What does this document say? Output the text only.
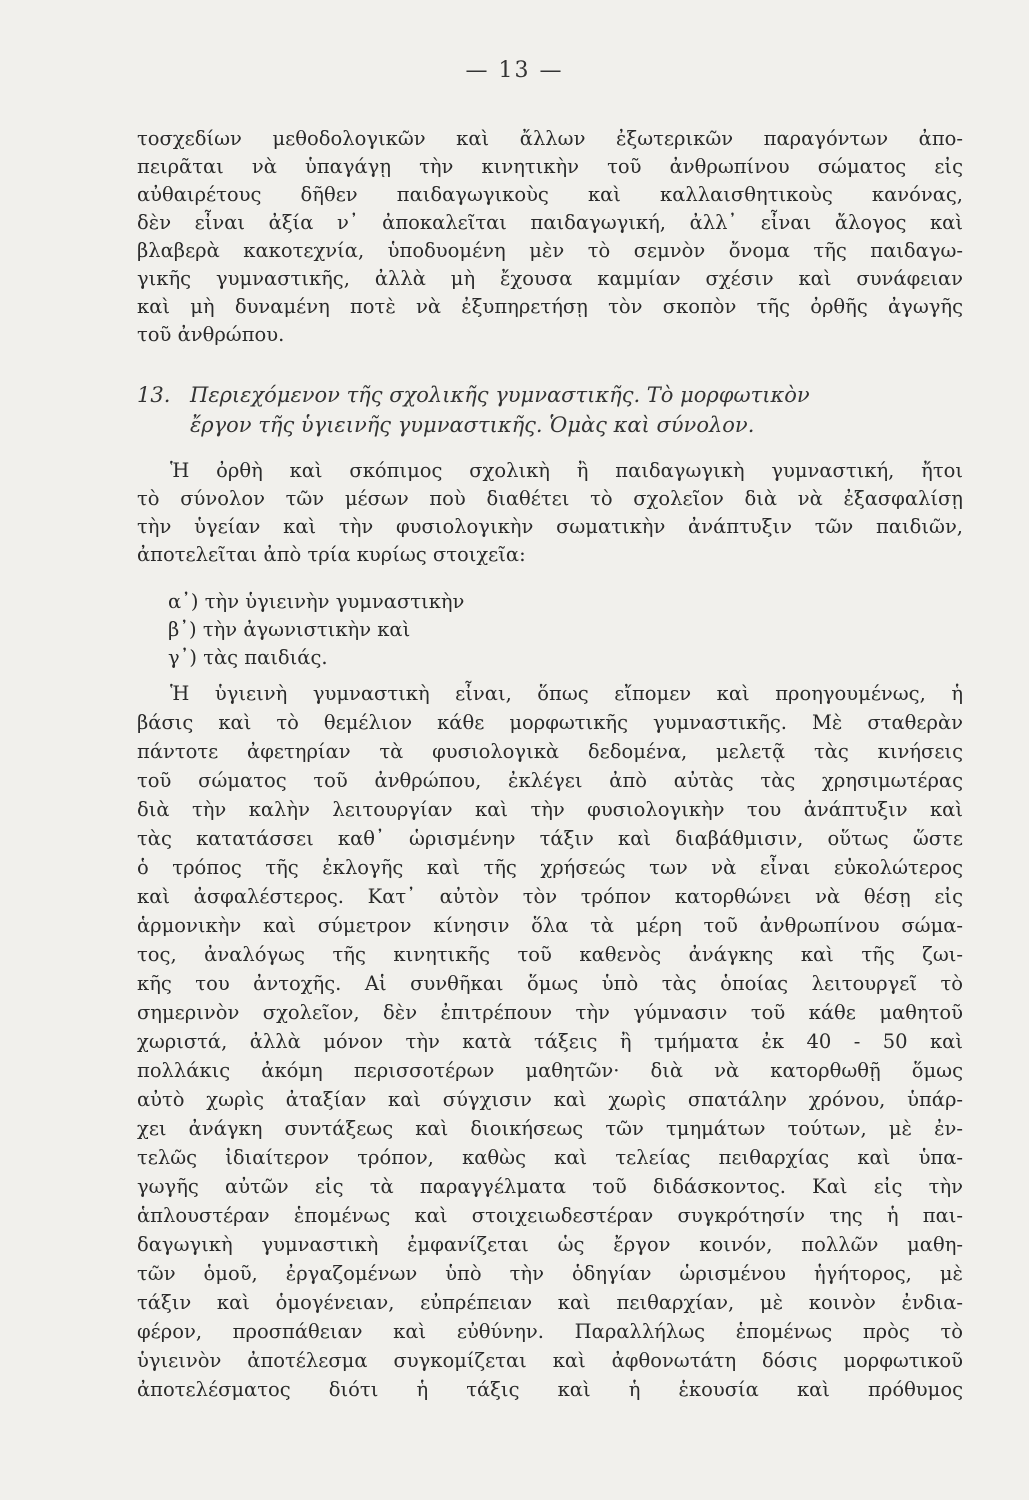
— 13 —
τοσχεδίων μεθοδολογικῶν καὶ ἄλλων ἐξωτερικῶν παραγόντων ἀπο-
πειρᾶται νὰ ὑπαγάγῃ τὴν κινητικὴν τοῦ ἀνθρωπίνου σώματος εἰς
αὐθαιρέτους δῆθεν παιδαγωγικοὺς καὶ καλλαισθητικοὺς κανόνας,
δὲν εἶναι ἀξία ν᾽ ἀποκαλεῖται παιδαγωγική, ἀλλ᾽ εἶναι ἄλογος καὶ
βλαβερὰ κακοτεχνία, ὑποδυομένη μὲν τὸ σεμνὸν ὄνομα τῆς παιδαγω-
γικῆς γυμναστικῆς, ἀλλὰ μὴ ἔχουσα καμμίαν σχέσιν καὶ συνάφειαν
καὶ μὴ δυναμένη ποτὲ νὰ ἐξυπηρετήσῃ τὸν σκοπὸν τῆς ὀρθῆς ἀγωγῆς
τοῦ ἀνθρώπου.
13. Περιεχόμενον τῆς σχολικῆς γυμναστικῆς. Τὸ μορφωτικὸν
ἔργον τῆς ὑγιεινῆς γυμναστικῆς. Ὁμὰς καὶ σύνολον.
Ἡ ὀρθὴ καὶ σκόπιμος σχολικὴ ἢ παιδαγωγικὴ γυμναστική, ἤτοι
τὸ σύνολον τῶν μέσων ποὺ διαθέτει τὸ σχολεῖον διὰ νὰ ἐξασφαλίσῃ
τὴν ὑγείαν καὶ τὴν φυσιολογικὴν σωματικὴν ἀνάπτυξιν τῶν παιδιῶν,
ἀποτελεῖται ἀπὸ τρία κυρίως στοιχεῖα:
α᾽) τὴν ὑγιεινὴν γυμναστικὴν
β᾽) τὴν ἀγωνιστικὴν καὶ
γ᾽) τὰς παιδιάς.
Ἡ ὑγιεινὴ γυμναστικὴ εἶναι, ὅπως εἴπομεν καὶ προηγουμένως, ἡ
βάσις καὶ τὸ θεμέλιον κάθε μορφωτικῆς γυμναστικῆς. Μὲ σταθερὰν
πάντοτε ἀφετηρίαν τὰ φυσιολογικὰ δεδομένα, μελετᾷ τὰς κινήσεις
τοῦ σώματος τοῦ ἀνθρώπου, ἐκλέγει ἀπὸ αὐτὰς τὰς χρησιμωτέρας
διὰ τὴν καλὴν λειτουργίαν καὶ τὴν φυσιολογικὴν του ἀνάπτυξιν καὶ
τὰς κατατάσσει καθ᾽ ὡρισμένην τάξιν καὶ διαβάθμισιν, οὕτως ὥστε
ὁ τρόπος τῆς ἐκλογῆς καὶ τῆς χρήσεώς των νὰ εἶναι εὐκολώτερος
καὶ ἀσφαλέστερος. Κατ᾽ αὐτὸν τὸν τρόπον κατορθώνει νὰ θέσῃ εἰς
ἁρμονικὴν καὶ σύμετρον κίνησιν ὅλα τὰ μέρη τοῦ ἀνθρωπίνου σώμα-
τος, ἀναλόγως τῆς κινητικῆς τοῦ καθενὸς ἀνάγκης καὶ τῆς ζωι-
κῆς του ἀντοχῆς. Αἱ συνθῆκαι ὅμως ὑπὸ τὰς ὁποίας λειτουργεῖ τὸ
σημερινὸν σχολεῖον, δὲν ἐπιτρέπουν τὴν γύμνασιν τοῦ κάθε μαθητοῦ
χωριστά, ἀλλὰ μόνον τὴν κατὰ τάξεις ἢ τμήματα ἐκ 40 - 50 καὶ
πολλάκις ἀκόμη περισσοτέρων μαθητῶν· διὰ νὰ κατορθωθῇ ὅμως
αὐτὸ χωρὶς ἀταξίαν καὶ σύγχισιν καὶ χωρὶς σπατάλην χρόνου, ὑπάρ-
χει ἀνάγκη συντάξεως καὶ διοικήσεως τῶν τμημάτων τούτων, μὲ ἐν-
τελῶς ἰδιαίτερον τρόπον, καθὼς καὶ τελείας πειθαρχίας καὶ ὑπα-
γωγῆς αὐτῶν εἰς τὰ παραγγέλματα τοῦ διδάσκοντος. Καὶ εἰς τὴν
ἁπλουστέραν ἑπομένως καὶ στοιχειωδεστέραν συγκρότησίν της ἡ παι-
δαγωγικὴ γυμναστικὴ ἐμφανίζεται ὡς ἔργον κοινόν, πολλῶν μαθη-
τῶν ὁμοῦ, ἐργαζομένων ὑπὸ τὴν ὁδηγίαν ὡρισμένου ἡγήτορος, μὲ
τάξιν καὶ ὁμογένειαν, εὐπρέπειαν καὶ πειθαρχίαν, μὲ κοινὸν ἐνδια-
φέρον, προσπάθειαν καὶ εὐθύνην. Παραλλήλως ἑπομένως πρὸς τὸ
ὑγιεινὸν ἀποτέλεσμα συγκομίζεται καὶ ἀφθονωτάτη δόσις μορφωτικοῦ
ἀποτελέσματος διότι ἡ τάξις καὶ ἡ ἑκουσία καὶ πρόθυμος
